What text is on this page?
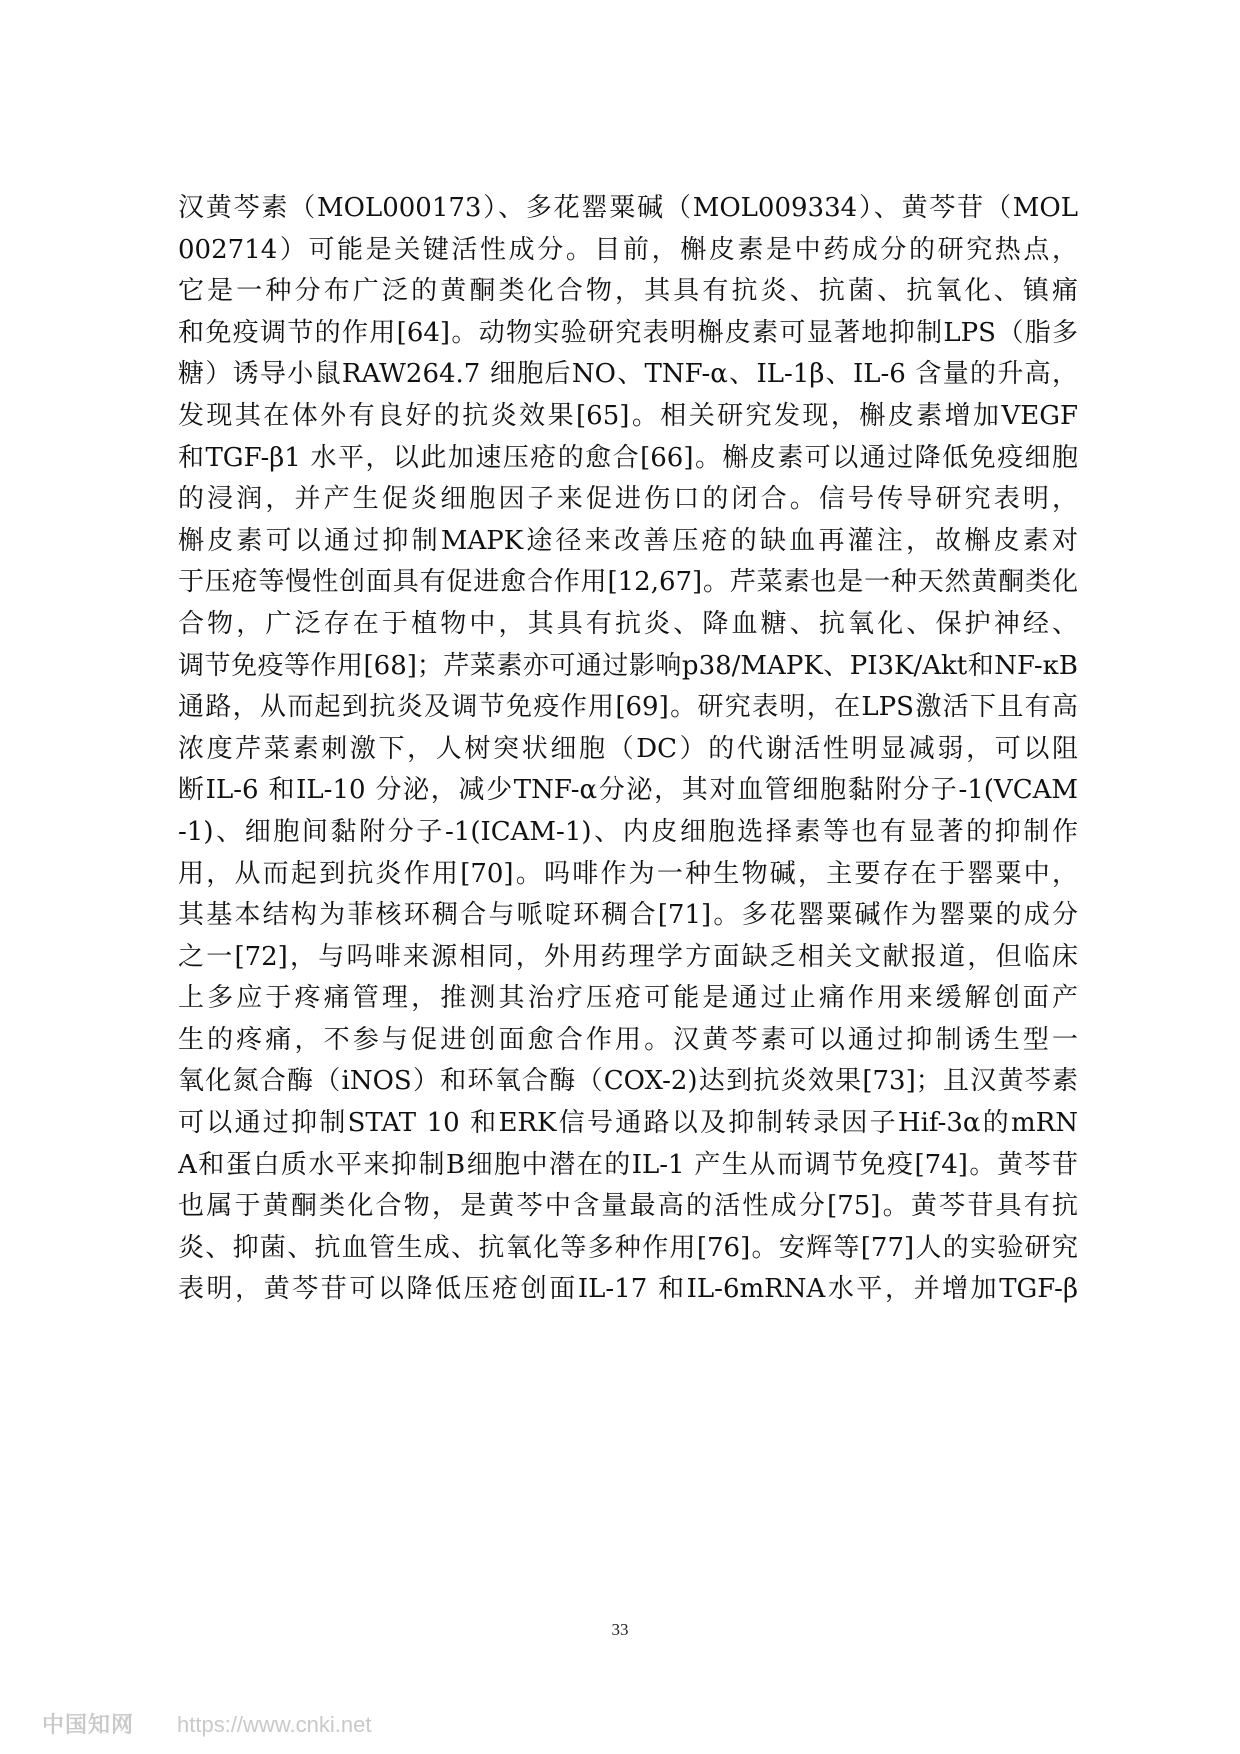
汉黄芩素（MOL000173）、多花罂粟碱（MOL009334）、黄芩苷（MOL
002714）可能是关键活性成分。目前，槲皮素是中药成分的研究热点，
它是一种分布广泛的黄酮类化合物，其具有抗炎、抗菌、抗氧化、镇痛
和免疫调节的作用[64]。动物实验研究表明槲皮素可显著地抑制LPS（脂多
糖）诱导小鼠RAW264.7 细胞后NO、TNF-α、IL-1β、IL-6 含量的升高，
发现其在体外有良好的抗炎效果[65]。相关研究发现，槲皮素增加VEGF
和TGF-β1 水平，以此加速压疮的愈合[66]。槲皮素可以通过降低免疫细胞
的浸润，并产生促炎细胞因子来促进伤口的闭合。信号传导研究表明，
槲皮素可以通过抑制MAPK途径来改善压疮的缺血再灌注，故槲皮素对
于压疮等慢性创面具有促进愈合作用[12,67]。芹菜素也是一种天然黄酮类化
合物，广泛存在于植物中，其具有抗炎、降血糖、抗氧化、保护神经、
调节免疫等作用[68]；芹菜素亦可通过影响p38/MAPK、PI3K/Akt和NF-κB
通路，从而起到抗炎及调节免疫作用[69]。研究表明，在LPS激活下且有高
浓度芹菜素刺激下，人树突状细胞（DC）的代谢活性明显减弱，可以阻
断IL-6 和IL-10 分泌，减少TNF-α分泌，其对血管细胞黏附分子-1(VCAM
-1)、细胞间黏附分子-1(ICAM-1)、内皮细胞选择素等也有显著的抑制作
用，从而起到抗炎作用[70]。吗啡作为一种生物碱，主要存在于罂粟中，
其基本结构为菲核环稠合与哌啶环稠合[71]。多花罂粟碱作为罂粟的成分
之一[72]，与吗啡来源相同，外用药理学方面缺乏相关文献报道，但临床
上多应于疼痛管理，推测其治疗压疮可能是通过止痛作用来缓解创面产
生的疼痛，不参与促进创面愈合作用。汉黄芩素可以通过抑制诱生型一
氧化氮合酶（iNOS）和环氧合酶（COX-2)达到抗炎效果[73]；且汉黄芩素
可以通过抑制STAT 10 和ERK信号通路以及抑制转录因子Hif-3α的mRN
A和蛋白质水平来抑制B细胞中潜在的IL-1 产生从而调节免疫[74]。黄芩苷
也属于黄酮类化合物，是黄芩中含量最高的活性成分[75]。黄芩苷具有抗
炎、抑菌、抗血管生成、抗氧化等多种作用[76]。安辉等[77]人的实验研究
表明，黄芩苷可以降低压疮创面IL-17 和IL-6mRNA水平，并增加TGF-β
33
中国知网 https://www.cnki.net
